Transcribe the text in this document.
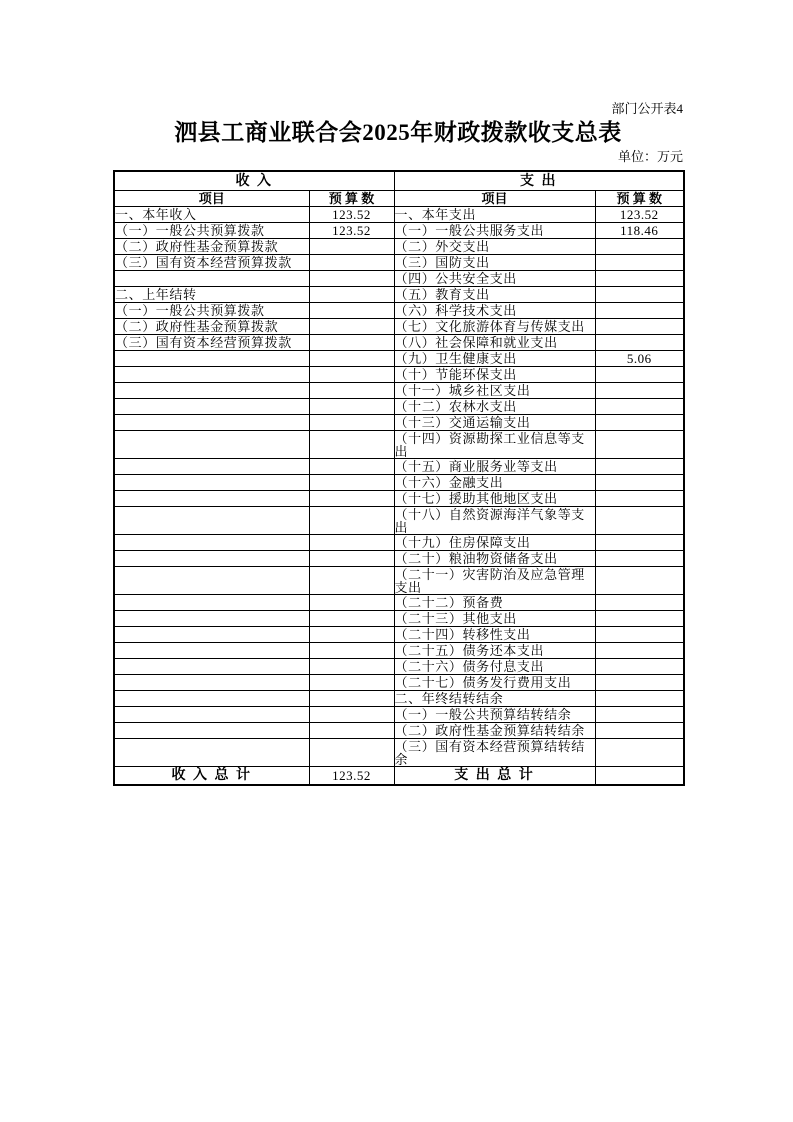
部门公开表4
泗县工商业联合会2025年财政拨款收支总表
单位：万元
收 入		支 出	
项目	预 算 数	项目	预 算 数
一、本年收入	123.52	一、本年支出	123.52
（一）一般公共预算拨款	123.52	（一）一般公共服务支出	118.46
（二）政府性基金预算拨款		（二）外交支出	
（三）国有资本经营预算拨款		（三）国防支出	
		（四）公共安全支出	
二、上年结转		（五）教育支出	
（一）一般公共预算拨款		（六）科学技术支出	
（二）政府性基金预算拨款		（七）文化旅游体育与传媒支出	
（三）国有资本经营预算拨款		（八）社会保障和就业支出	
		（九）卫生健康支出	5.06
		（十）节能环保支出	
		（十一）城乡社区支出	
		（十二）农林水支出	
		（十三）交通运输支出	
		（十四）资源勘探工业信息等支出	
		（十五）商业服务业等支出	
		（十六）金融支出	
		（十七）援助其他地区支出	
		（十八）自然资源海洋气象等支出	
		（十九）住房保障支出	
		（二十）粮油物资储备支出	
		（二十一）灾害防治及应急管理支出	
		（二十二）预备费	
		（二十三）其他支出	
		（二十四）转移性支出	
		（二十五）债务还本支出	
		（二十六）债务付息支出	
		（二十七）债务发行费用支出	
		二、年终结转结余	
		（一）一般公共预算结转结余	
		（二）政府性基金预算结转结余	
		（三）国有资本经营预算结转结余	
收 入 总 计	123.52	支 出 总 计	
